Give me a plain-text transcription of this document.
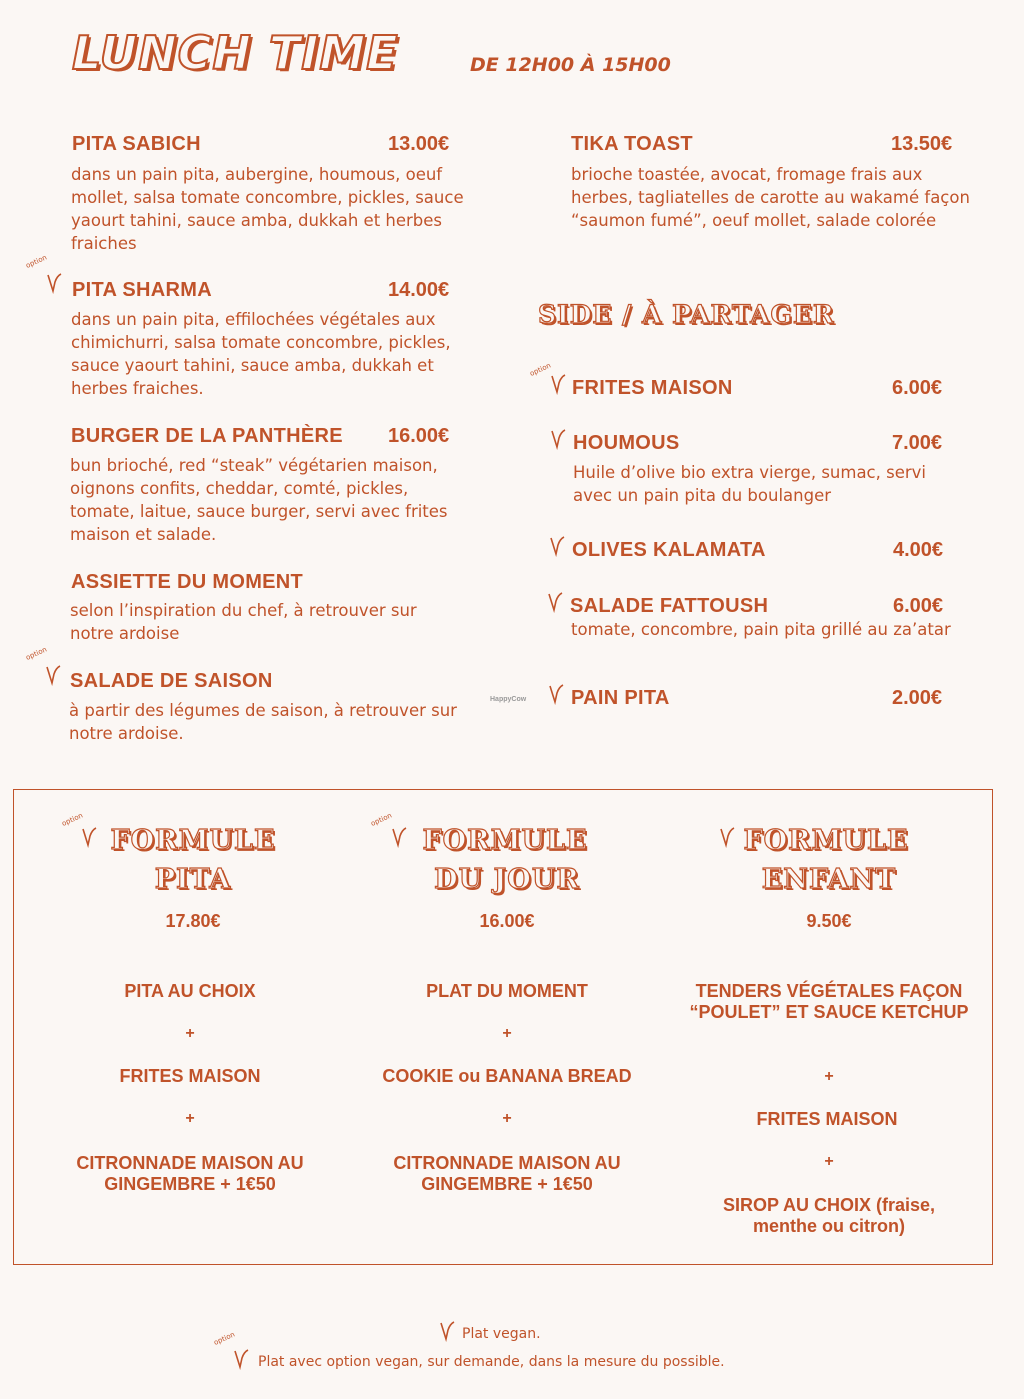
LUNCH TIME	DE 12H00 À 15H00
PITA SABICH	13.00€
dans un pain pita, aubergine, houmous, oeuf mollet, salsa tomate concombre, pickles, sauce yaourt tahini, sauce amba, dukkah et herbes fraiches
option
PITA SHARMA	14.00€
dans un pain pita, effilochées végétales aux chimichurri, salsa tomate concombre, pickles, sauce yaourt tahini, sauce amba, dukkah et herbes fraiches.
BURGER DE LA PANTHÈRE 16.00€
bun brioché, red “steak” végétarien maison, oignons confits, cheddar, comté, pickles, tomate, laitue, sauce burger, servi avec frites maison et salade.
ASSIETTE DU MOMENT
selon l’inspiration du chef, à retrouver sur notre ardoise
option
SALADE DE SAISON
à partir des légumes de saison, à retrouver sur notre ardoise.
TIKA TOAST	13.50€
brioche toastée, avocat, fromage frais aux herbes, tagliatelles de carotte au wakamé façon “saumon fumé”, oeuf mollet, salade colorée
SIDE / À PARTAGER
option
FRITES MAISON	6.00€
HOUMOUS	7.00€
Huile d’olive bio extra vierge, sumac, servi avec un pain pita du boulanger
OLIVES KALAMATA	4.00€
SALADE FATTOUSH	6.00€
tomate, concombre, pain pita grillé au za’atar
HappyCow PAIN PITA	2.00€
option
FORMULE
PITA
17.80€
PITA AU CHOIX
+
FRITES MAISON
+
CITRONNADE MAISON AU GINGEMBRE + 1€50
option
FORMULE
DU JOUR
16.00€
PLAT DU MOMENT
+
COOKIE ou BANANA BREAD
+
CITRONNADE MAISON AU GINGEMBRE + 1€50
FORMULE
ENFANT
9.50€
TENDERS VÉGÉTALES FAÇON “POULET” ET SAUCE KETCHUP
+
FRITES MAISON
+
SIROP AU CHOIX (fraise, menthe ou citron)
Plat vegan.
option
Plat avec option vegan, sur demande, dans la mesure du possible.
